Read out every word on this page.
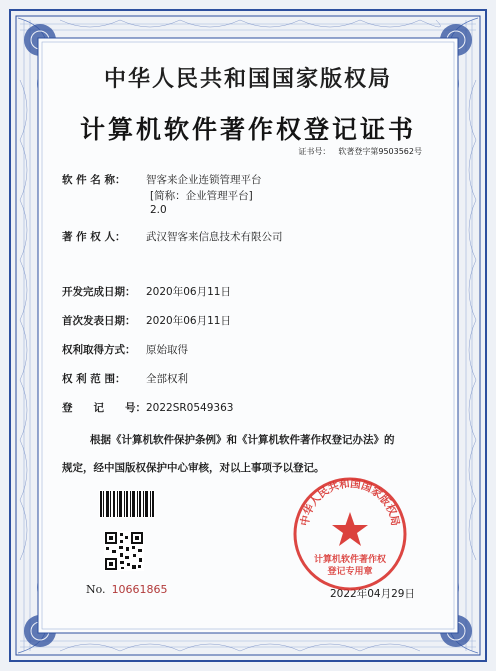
中华人民共和国国家版权局
计算机软件著作权登记证书
证书号： 软著登字第9503562号
软 件 名 称： 智客来企业连锁管理平台
[简称：企业管理平台]
2.0
著 作 权 人： 武汉智客来信息技术有限公司
开发完成日期： 2020年06月11日
首次发表日期： 2020年06月11日
权利取得方式： 原始取得
权 利 范 围： 全部权利
登　　记　　号：2022SR0549363
根据《计算机软件保护条例》和《计算机软件著作权登记办法》的
规定，经中国版权保护中心审核，对以上事项予以登记。
No. 10661865	2022年04月29日
中华人民共和国国家版权局
计算机软件著作权
登记专用章
